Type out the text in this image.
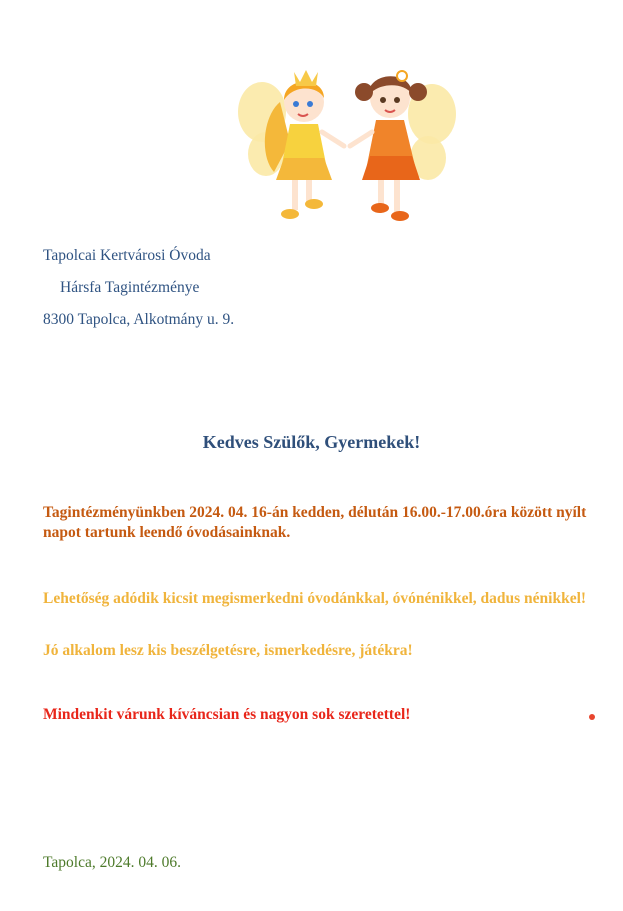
Tapolcai Kertvárosi Óvoda
Hársfa Tagintézménye
8300 Tapolca, Alkotmány u. 9.
Kedves Szülők, Gyermekek!
Tagintézményünkben 2024. 04. 16-án kedden, délután 16.00.-17.00.óra között nyílt napot tartunk leendő óvodásainknak.
Lehetőség adódik kicsit megismerkedni óvodánkkal, óvónénikkel, dadus nénikkel!
Jó alkalom lesz kis beszélgetésre, ismerkedésre, játékra!
Mindenkit várunk kíváncsian és nagyon sok szeretettel!
Tapolca, 2024. 04. 06.
